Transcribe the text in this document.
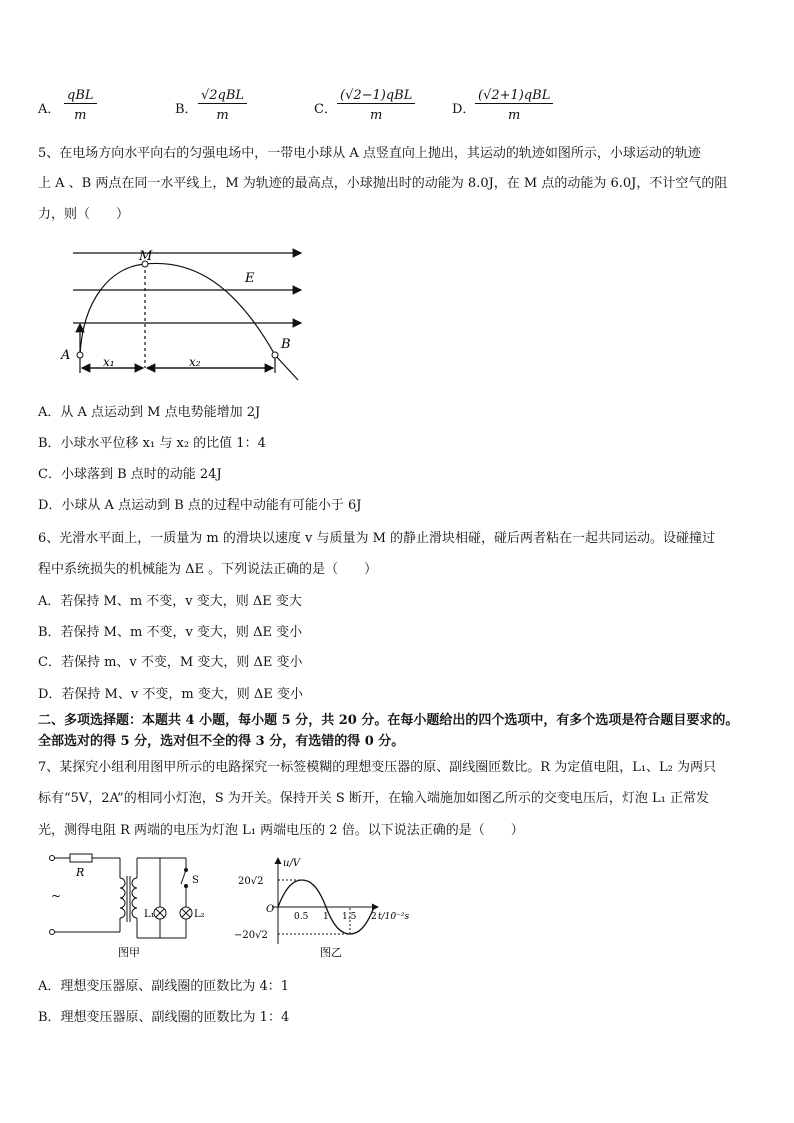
A．
qBL
m	B．
√2qBL
m	C．
(√2−1)qBL
m	D．
(√2+1)qBL
m
5、在电场方向水平向右的匀强电场中，一带电小球从 A 点竖直向上抛出，其运动的轨迹如图所示，小球运动的轨迹
上 A 、B 两点在同一水平线上，M 为轨迹的最高点，小球抛出时的动能为 8.0J，在 M 点的动能为 6.0J，不计空气的阻
力，则（　　）
M
E
A
B
x₁	x₂
A．从 A 点运动到 M 点电势能增加 2J
B．小球水平位移 x₁ 与 x₂ 的比值 1：4
C．小球落到 B 点时的动能 24J
D．小球从 A 点运动到 B 点的过程中动能有可能小于 6J
6、光滑水平面上，一质量为 m 的滑块以速度 v 与质量为 M 的静止滑块相碰，碰后两者粘在一起共同运动。设碰撞过
程中系统损失的机械能为 ΔE 。下列说法正确的是（　　）
A．若保持 M、m 不变，v 变大，则 ΔE 变大
B．若保持 M、m 不变，v 变大，则 ΔE 变小
C．若保持 m、v 不变，M 变大，则 ΔE 变小
D．若保持 M、v 不变，m 变大，则 ΔE 变小
二、多项选择题：本题共 4 小题，每小题 5 分，共 20 分。在每小题给出的四个选项中，有多个选项是符合题目要求的。
全部选对的得 5 分，选对但不全的得 3 分，有选错的得 0 分。
7、某探究小组利用图甲所示的电路探究一标签模糊的理想变压器的原、副线圈匝数比。R 为定值电阻，L₁、L₂ 为两只
标有“5V，2A”的相同小灯泡，S 为开关。保持开关 S 断开，在输入端施加如图乙所示的交变电压后，灯泡 L₁ 正常发
光，测得电阻 R 两端的电压为灯泡 L₁ 两端电压的 2 倍。以下说法正确的是（　　）
R
~
L₁	L₂
S
图甲
u/V
20√2
−20√2
O
0.5 1 1.5 2 t/10⁻²s
图乙
A．理想变压器原、副线圈的匝数比为 4：1
B．理想变压器原、副线圈的匝数比为 1：4
